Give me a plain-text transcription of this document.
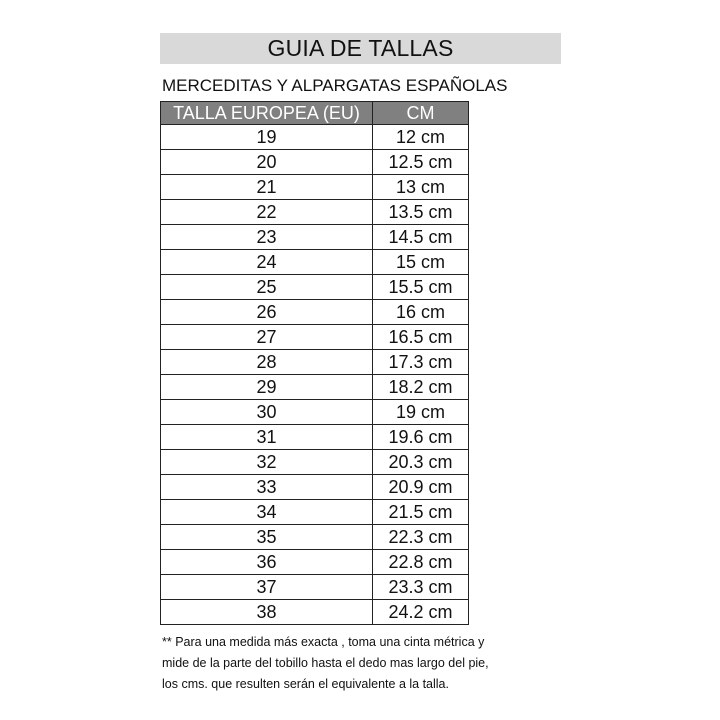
GUIA DE TALLAS
MERCEDITAS Y ALPARGATAS ESPAÑOLAS
TALLA EUROPEA (EU)	CM
19	12 cm
20	12.5 cm
21	13 cm
22	13.5 cm
23	14.5 cm
24	15 cm
25	15.5 cm
26	16 cm
27	16.5 cm
28	17.3 cm
29	18.2 cm
30	19 cm
31	19.6 cm
32	20.3 cm
33	20.9 cm
34	21.5 cm
35	22.3 cm
36	22.8 cm
37	23.3 cm
38	24.2 cm

** Para una medida más exacta , toma una cinta métrica y

mide de la parte del tobillo hasta el dedo mas largo del pie,

los cms. que resulten serán el equivalente a la talla.
